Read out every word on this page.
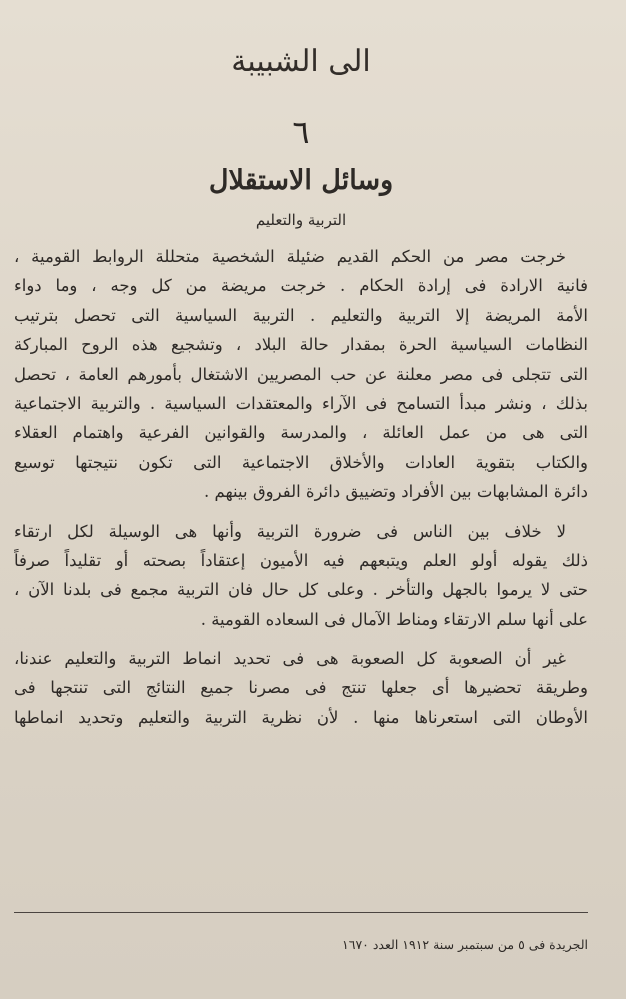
الى الشبيبة
٦
وسائل الاستقلال
التربية والتعليم
خرجت مصر من الحكم القديم ضئيلة الشخصية متحللة الروابط القومية ،
فانية الارادة فى إرادة الحكام . خرجت مريضة من كل وجه ، وما دواء
الأمة المريضة إلا التربية والتعليم . التربية السياسية التى تحصل بترتيب
النظامات السياسية الحرة بمقدار حالة البلاد ، وتشجيع هذه الروح المباركة
التى تتجلى فى مصر معلنة عن حب المصريين الاشتغال بأمورهم العامة ، تحصل
بذلك ، ونشر مبدأ التسامح فى الآراء والمعتقدات السياسية . والتربية الاجتماعية
التى هى من عمل العائلة ، والمدرسة والقوانين الفرعية واهتمام العقلاء
والكتاب بتقوية العادات والأخلاق الاجتماعية التى تكون نتيجتها توسيع
دائرة المشابهات بين الأفراد وتضييق دائرة الفروق بينهم .
لا خلاف بين الناس فى ضرورة التربية وأنها هى الوسيلة لكل ارتقاء
ذلك يقوله أولو العلم ويتبعهم فيه الأميون إعتقاداً بصحته أو تقليداً صرفاً
حتى لا يرموا بالجهل والتأخر . وعلى كل حال فان التربية مجمع فى بلدنا الآن ،
على أنها سلم الارتقاء ومناط الآمال فى السعاده القومية .
غير أن الصعوبة كل الصعوبة هى فى تحديد انماط التربية والتعليم عندنا،
وطريقة تحضيرها أى جعلها تنتج فى مصرنا جميع النتائج التى تنتجها فى
الأوطان التى استعرناها منها . لأن نظرية التربية والتعليم وتحديد انماطها
الجريدة فى ٥ من سبتمبر سنة ١٩١٢ العدد ١٦٧٠
